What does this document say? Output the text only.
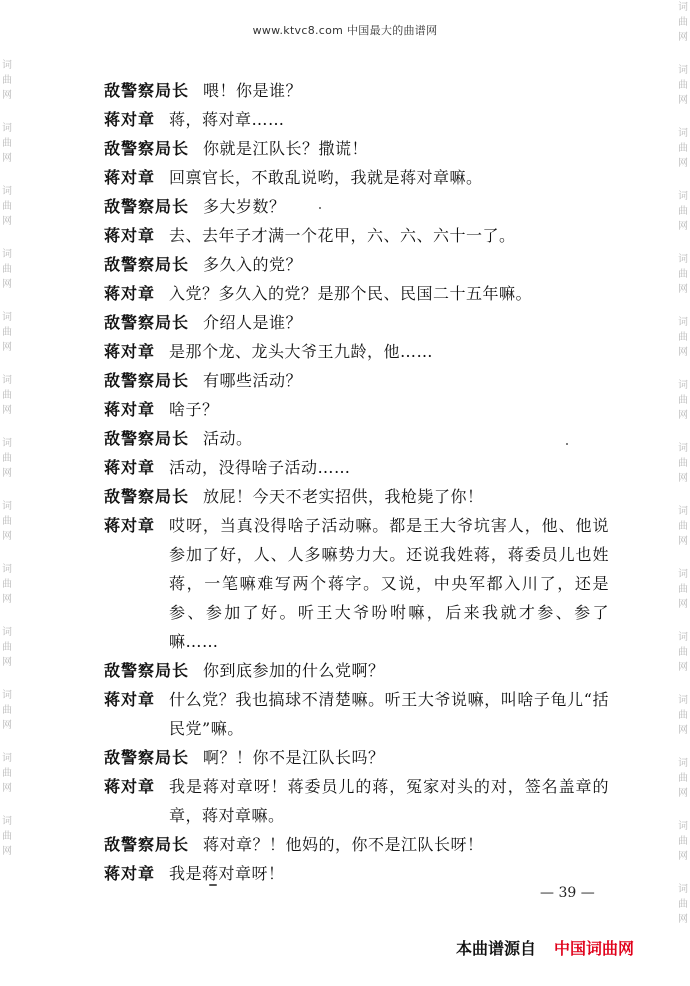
www.ktvc8.com 中国最大的曲谱网
词
曲
网
词
曲
网
词
曲
网
词
曲
网
词
曲
网
词
曲
网
词
曲
网
词
曲
网
词
曲
网
词
曲
网
词
曲
网
词
曲
网
词
曲
网
词
曲
网
词
曲
网
词
曲
网
词
曲
网
词
曲
网
词
曲
网
词
曲
网
词
曲
网
词
曲
网
词
曲
网
词
曲
网
词
曲
网
词
曲
网
词
曲
网
词
曲
网
敌警察局长 喂！你是谁？
蒋对章 蒋，蒋对章……
敌警察局长 你就是江队长？撒谎！
蒋对章 回禀官长，不敢乱说哟，我就是蒋对章嘛。
敌警察局长 多大岁数？
蒋对章 去、去年子才满一个花甲，六、六、六十一了。
敌警察局长 多久入的党？
蒋对章 入党？多久入的党？是那个民、民国二十五年嘛。
敌警察局长 介绍人是谁？
蒋对章 是那个龙、龙头大爷王九龄，他……
敌警察局长 有哪些活动？
蒋对章 啥子？
敌警察局长 活动。
蒋对章 活动，没得啥子活动……
敌警察局长 放屁！今天不老实招供，我枪毙了你！
蒋对章 哎呀，当真没得啥子活动嘛。都是王大爷坑害人，他、他说参加了好，人、人多嘛势力大。还说我姓蒋，蒋委员儿也姓蒋，一笔嘛难写两个蒋字。又说，中央军都入川了，还是参、参加了好。听王大爷吩咐嘛，后来我就才参、参了嘛……
敌警察局长 你到底参加的什么党啊？
蒋对章 什么党？我也搞球不清楚嘛。听王大爷说嘛，叫啥子龟儿“括民党”嘛。
敌警察局长 啊？！你不是江队长吗？
蒋对章 我是蒋对章呀！蒋委员儿的蒋，冤家对头的对，签名盖章的章，蒋对章嘛。
敌警察局长 蒋对章？！他妈的，你不是江队长呀！
蒋对章 我是蒋对章呀！
— 39 —
本曲谱源自 中国词曲网
